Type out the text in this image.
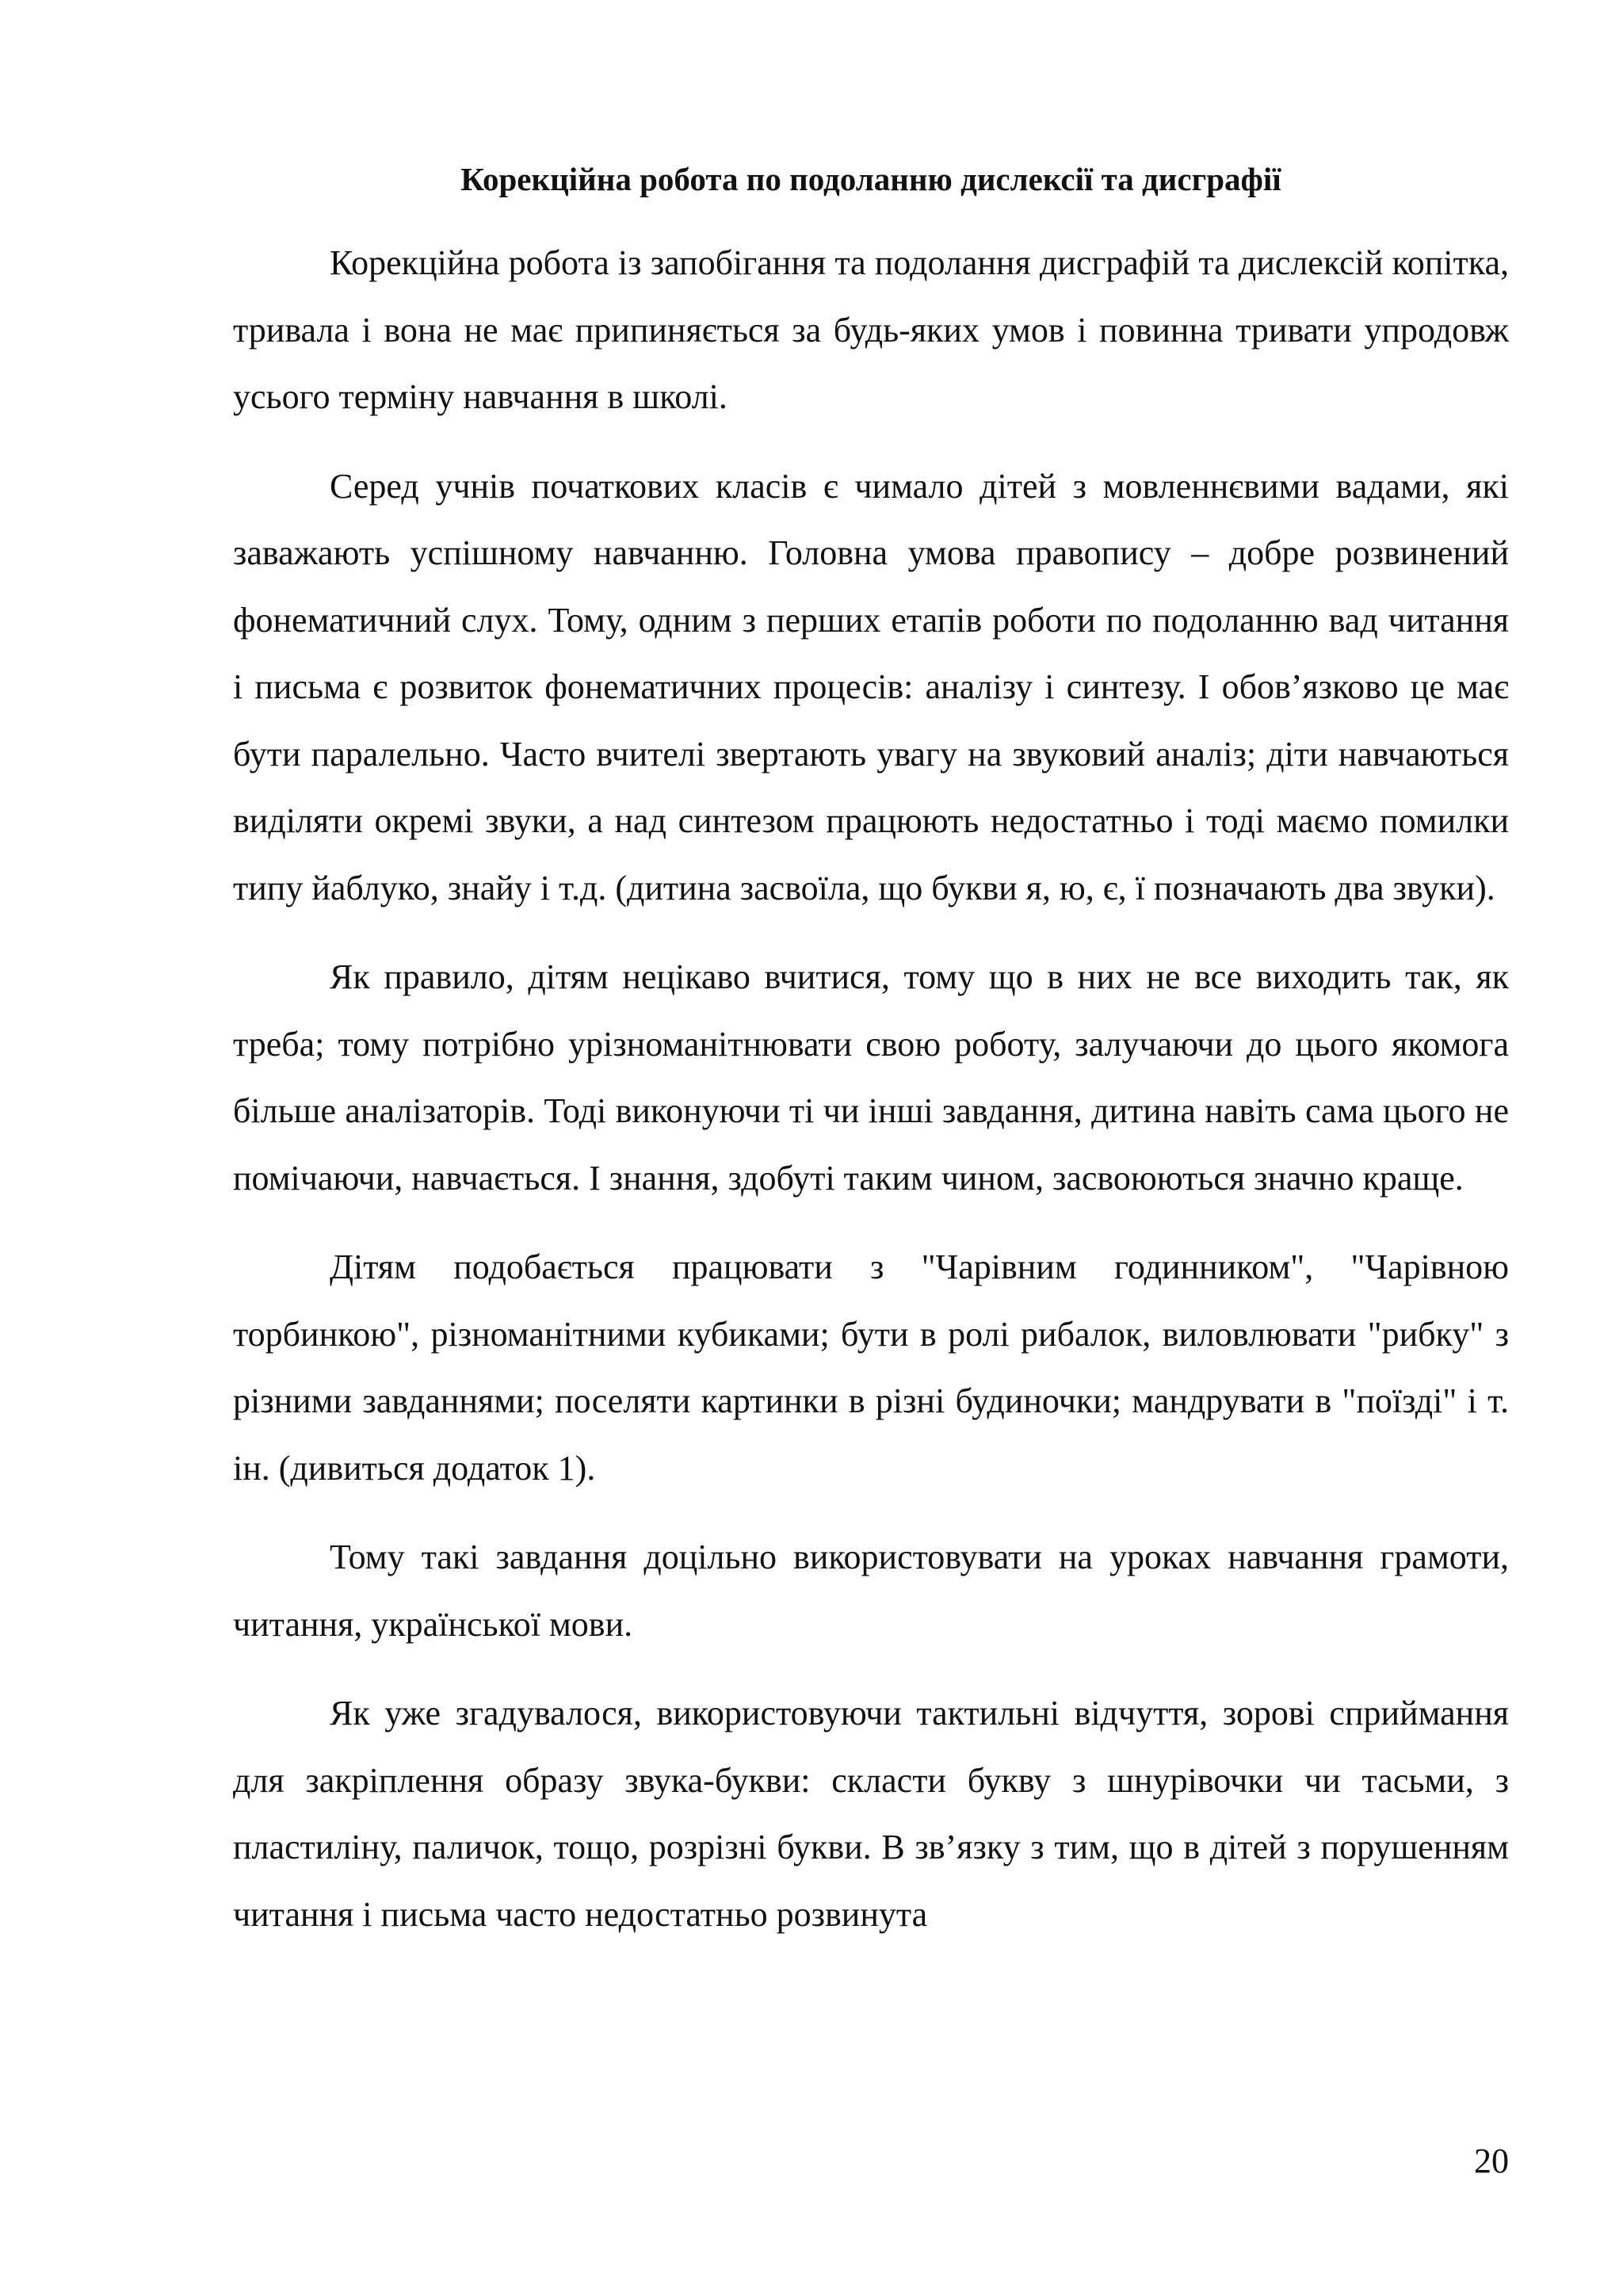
Корекційна робота по подоланню дислексії та дисграфії

Корекційна робота із запобігання та подолання дисграфій та дислексій копітка, тривала і вона не має припиняється за будь-яких умов і повинна тривати упродовж усього терміну навчання в школі.

Серед учнів початкових класів є чимало дітей з мовленнєвими вадами, які заважають успішному навчанню. Головна умова правопису – добре розвинений фонематичний слух. Тому, одним з перших етапів роботи по подоланню вад читання і письма є розвиток фонематичних процесів: аналізу і синтезу. І обов’язково це має бути паралельно. Часто вчителі звертають увагу на звуковий аналіз; діти навчаються виділяти окремі звуки, а над синтезом працюють недостатньо і тоді маємо помилки типу йаблуко, знайу і т.д. (дитина засвоїла, що букви я, ю, є, ї позначають два звуки).

Як правило, дітям нецікаво вчитися, тому що в них не все виходить так, як треба; тому потрібно урізноманітнювати свою роботу, залучаючи до цього якомога більше аналізаторів. Тоді виконуючи ті чи інші завдання, дитина навіть сама цього не помічаючи, навчається. І знання, здобуті таким чином, засвоюються значно краще.

Дітям подобається працювати з "Чарівним годинником", "Чарівною торбинкою", різноманітними кубиками; бути в ролі рибалок, виловлювати "рибку" з різними завданнями; поселяти картинки в різні будиночки; мандрувати в "поїзді" і т. ін. (дивиться додаток 1).

Тому такі завдання доцільно використовувати на уроках навчання грамоти, читання, української мови.

Як уже згадувалося, використовуючи тактильні відчуття, зорові сприймання для закріплення образу звука-букви: скласти букву з шнурівочки чи тасьми, з пластиліну, паличок, тощо, розрізні букви. В зв’язку з тим, що в дітей з порушенням читання і письма часто недостатньо розвинута

20
